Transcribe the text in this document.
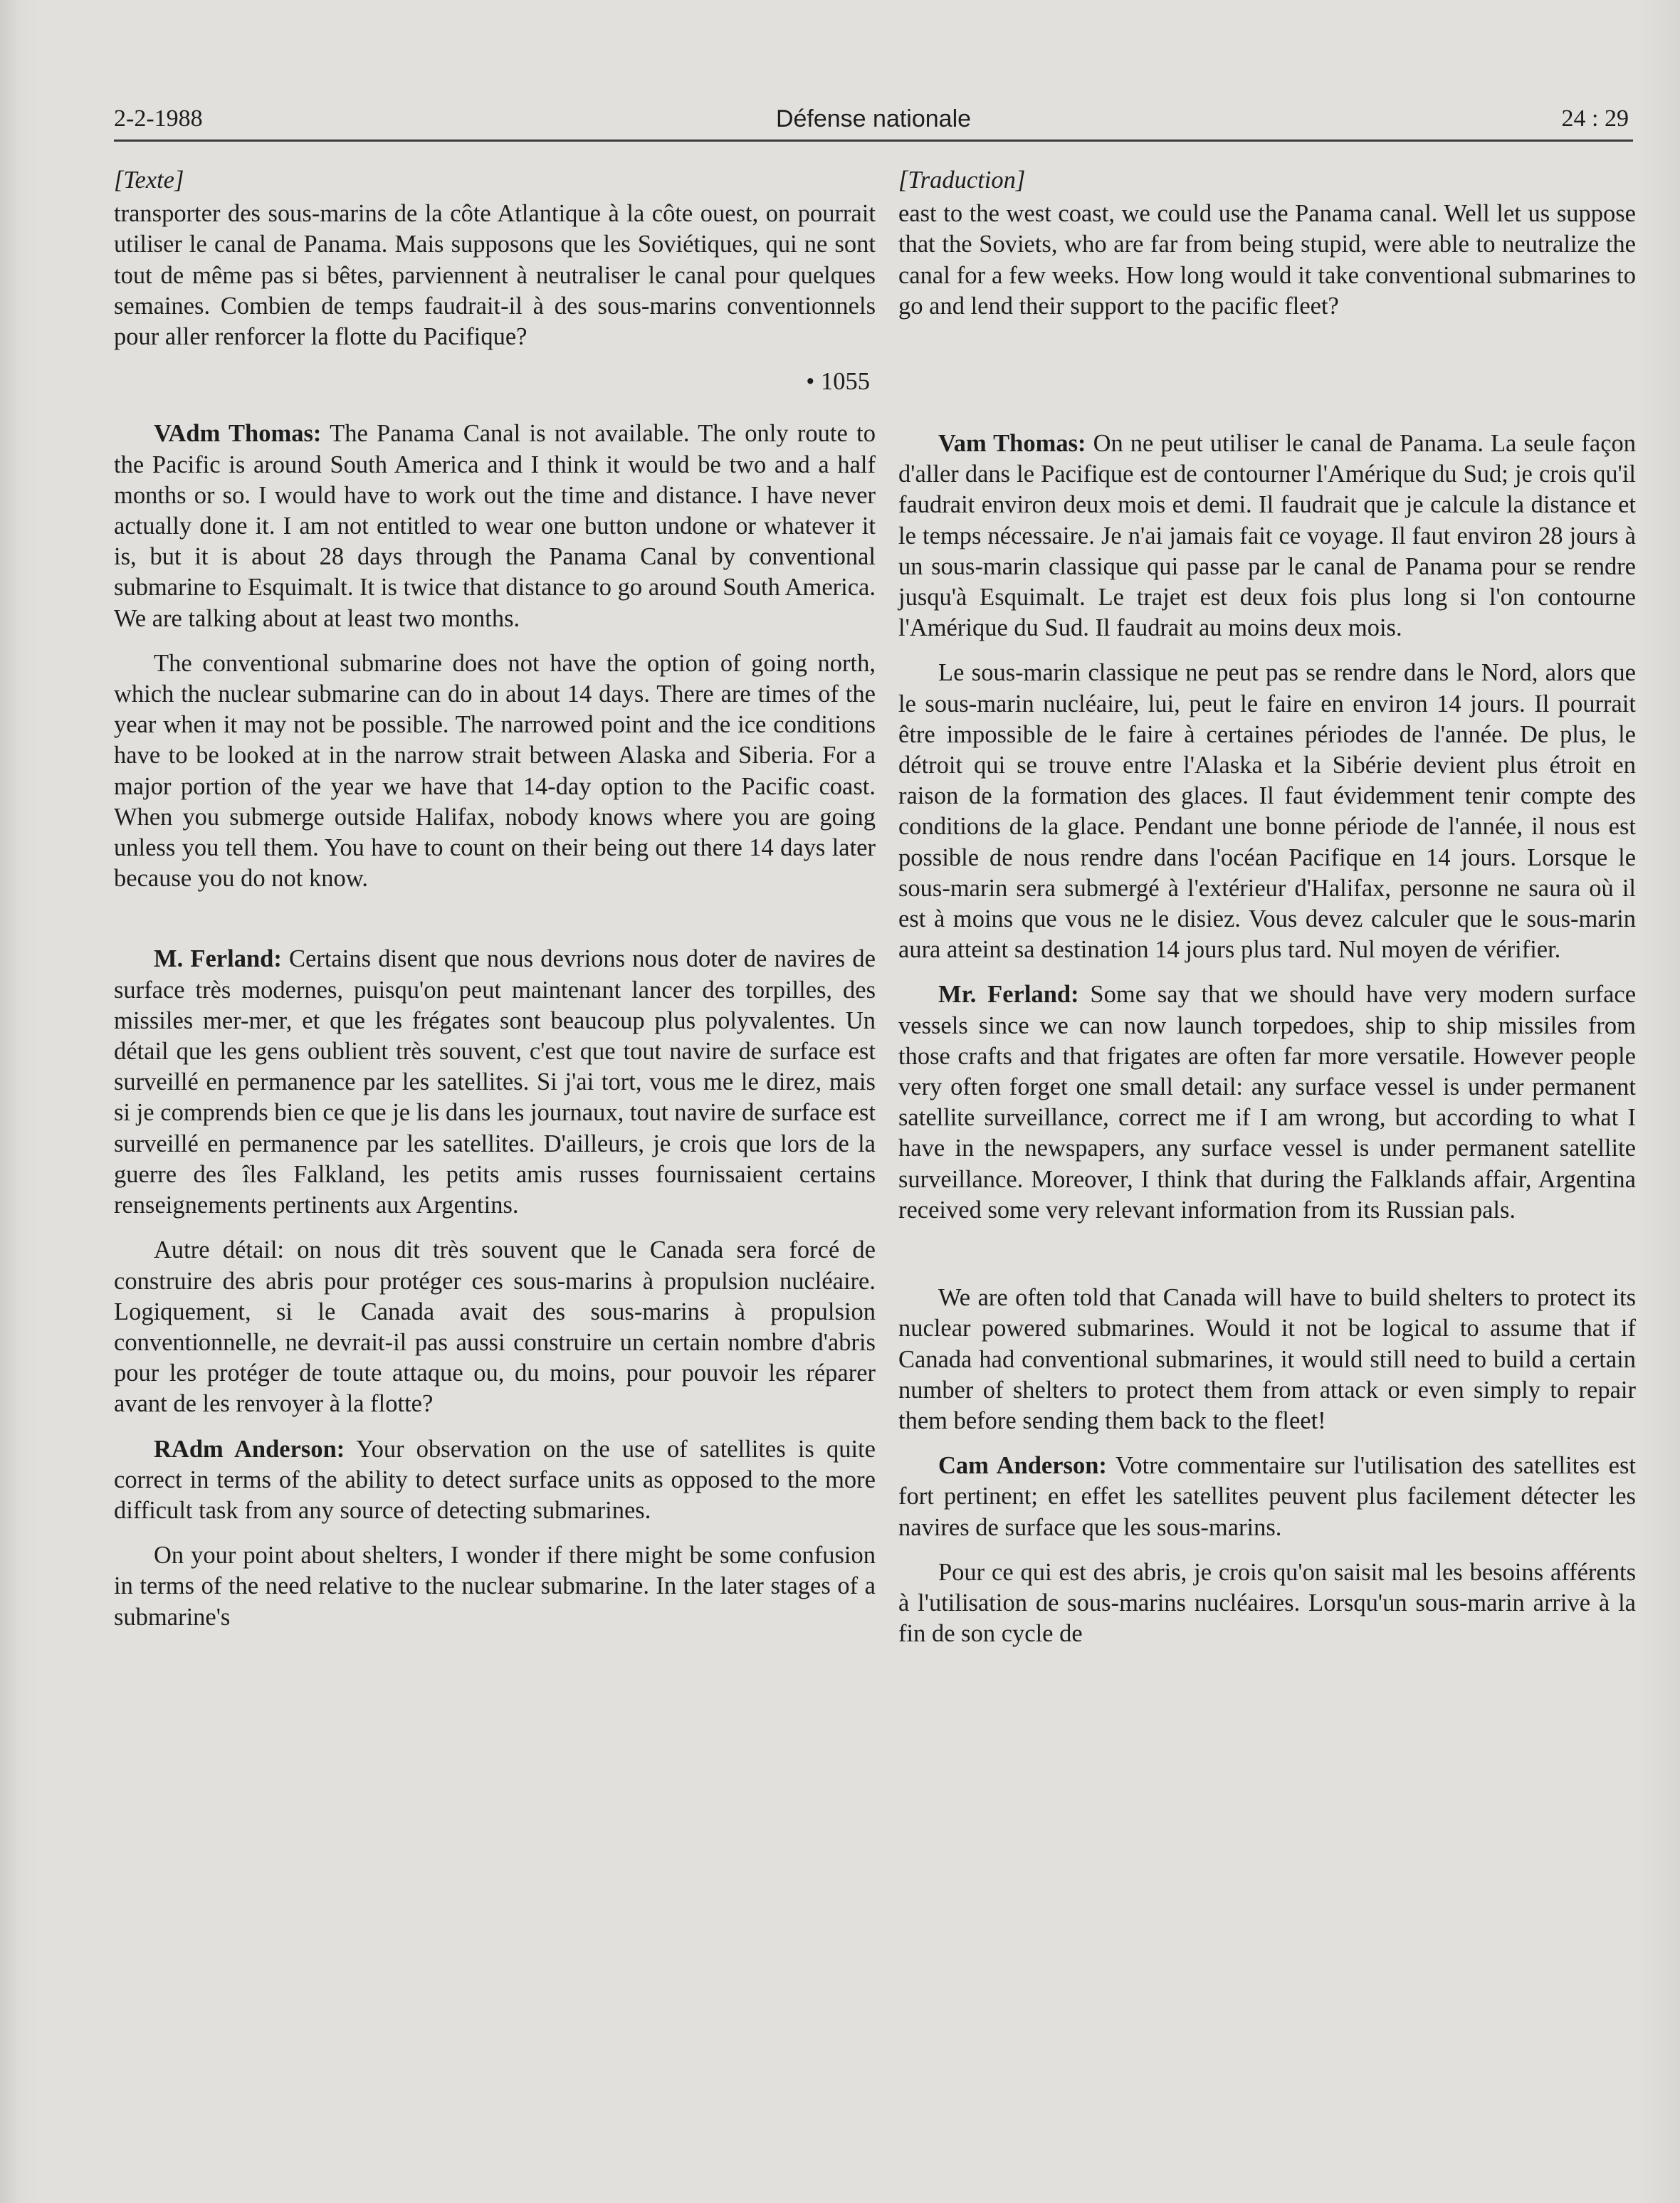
2-2-1988	Défense nationale	24 : 29
[Texte]

transporter des sous-marins de la côte Atlantique à la côte ouest, on pourrait utiliser le canal de Panama. Mais supposons que les Soviétiques, qui ne sont tout de même pas si bêtes, parviennent à neutraliser le canal pour quelques semaines. Combien de temps faudrait-il à des sous-marins conventionnels pour aller renforcer la flotte du Pacifique?

• 1055

VAdm Thomas: The Panama Canal is not available. The only route to the Pacific is around South America and I think it would be two and a half months or so. I would have to work out the time and distance. I have never actually done it. I am not entitled to wear one button undone or whatever it is, but it is about 28 days through the Panama Canal by conventional submarine to Esquimalt. It is twice that distance to go around South America. We are talking about at least two months.

The conventional submarine does not have the option of going north, which the nuclear submarine can do in about 14 days. There are times of the year when it may not be possible. The narrowed point and the ice conditions have to be looked at in the narrow strait between Alaska and Siberia. For a major portion of the year we have that 14-day option to the Pacific coast. When you submerge outside Halifax, nobody knows where you are going unless you tell them. You have to count on their being out there 14 days later because you do not know.

M. Ferland: Certains disent que nous devrions nous doter de navires de surface très modernes, puisqu'on peut maintenant lancer des torpilles, des missiles mer-mer, et que les frégates sont beaucoup plus polyvalentes. Un détail que les gens oublient très souvent, c'est que tout navire de surface est surveillé en permanence par les satellites. Si j'ai tort, vous me le direz, mais si je comprends bien ce que je lis dans les journaux, tout navire de surface est surveillé en permanence par les satellites. D'ailleurs, je crois que lors de la guerre des îles Falkland, les petits amis russes fournissaient certains renseignements pertinents aux Argentins.

Autre détail: on nous dit très souvent que le Canada sera forcé de construire des abris pour protéger ces sous-marins à propulsion nucléaire. Logiquement, si le Canada avait des sous-marins à propulsion conventionnelle, ne devrait-il pas aussi construire un certain nombre d'abris pour les protéger de toute attaque ou, du moins, pour pouvoir les réparer avant de les renvoyer à la flotte?

RAdm Anderson: Your observation on the use of satellites is quite correct in terms of the ability to detect surface units as opposed to the more difficult task from any source of detecting submarines.

On your point about shelters, I wonder if there might be some confusion in terms of the need relative to the nuclear submarine. In the later stages of a submarine's

[Traduction]

east to the west coast, we could use the Panama canal. Well let us suppose that the Soviets, who are far from being stupid, were able to neutralize the canal for a few weeks. How long would it take conventional submarines to go and lend their support to the pacific fleet?

Vam Thomas: On ne peut utiliser le canal de Panama. La seule façon d'aller dans le Pacifique est de contourner l'Amérique du Sud; je crois qu'il faudrait environ deux mois et demi. Il faudrait que je calcule la distance et le temps nécessaire. Je n'ai jamais fait ce voyage. Il faut environ 28 jours à un sous-marin classique qui passe par le canal de Panama pour se rendre jusqu'à Esquimalt. Le trajet est deux fois plus long si l'on contourne l'Amérique du Sud. Il faudrait au moins deux mois.

Le sous-marin classique ne peut pas se rendre dans le Nord, alors que le sous-marin nucléaire, lui, peut le faire en environ 14 jours. Il pourrait être impossible de le faire à certaines périodes de l'année. De plus, le détroit qui se trouve entre l'Alaska et la Sibérie devient plus étroit en raison de la formation des glaces. Il faut évidemment tenir compte des conditions de la glace. Pendant une bonne période de l'année, il nous est possible de nous rendre dans l'océan Pacifique en 14 jours. Lorsque le sous-marin sera submergé à l'extérieur d'Halifax, personne ne saura où il est à moins que vous ne le disiez. Vous devez calculer que le sous-marin aura atteint sa destination 14 jours plus tard. Nul moyen de vérifier.

Mr. Ferland: Some say that we should have very modern surface vessels since we can now launch torpedoes, ship to ship missiles from those crafts and that frigates are often far more versatile. However people very often forget one small detail: any surface vessel is under permanent satellite surveillance, correct me if I am wrong, but according to what I have in the newspapers, any surface vessel is under permanent satellite surveillance. Moreover, I think that during the Falklands affair, Argentina received some very relevant information from its Russian pals.

We are often told that Canada will have to build shelters to protect its nuclear powered submarines. Would it not be logical to assume that if Canada had conventional submarines, it would still need to build a certain number of shelters to protect them from attack or even simply to repair them before sending them back to the fleet!

Cam Anderson: Votre commentaire sur l'utilisation des satellites est fort pertinent; en effet les satellites peuvent plus facilement détecter les navires de surface que les sous-marins.

Pour ce qui est des abris, je crois qu'on saisit mal les besoins afférents à l'utilisation de sous-marins nucléaires. Lorsqu'un sous-marin arrive à la fin de son cycle de
